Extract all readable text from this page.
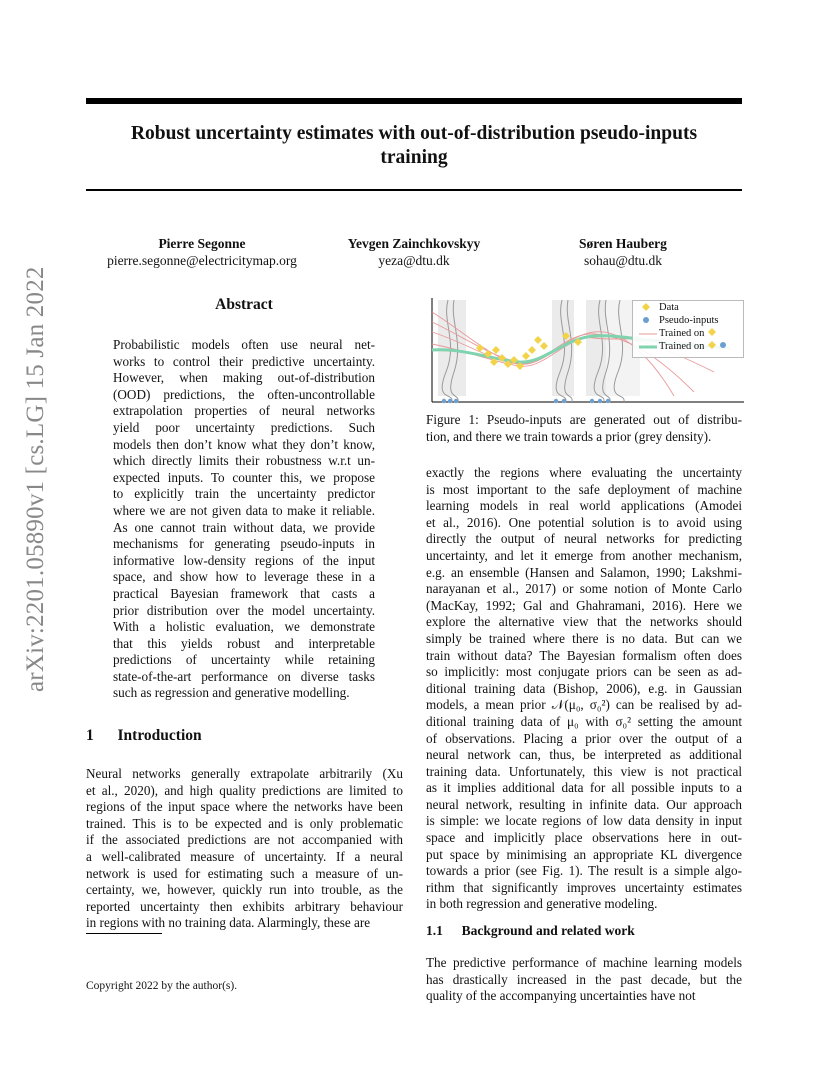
Robust uncertainty estimates with out-of-distribution pseudo-inputs
training
Pierre Segonne
pierre.segonne@electricitymap.org
Yevgen Zainchkovskyy
yeza@dtu.dk
Søren Hauberg
sohau@dtu.dk
arXiv:2201.05890v1 [cs.LG] 15 Jan 2022	Abstract
Probabilistic models often use neural net-
works to control their predictive uncertainty.
However, when making out-of-distribution
(OOD) predictions, the often-uncontrollable
extrapolation properties of neural networks
yield poor uncertainty predictions. Such
models then don’t know what they don’t know,
which directly limits their robustness w.r.t un-
expected inputs. To counter this, we propose
to explicitly train the uncertainty predictor
where we are not given data to make it reliable.
As one cannot train without data, we provide
mechanisms for generating pseudo-inputs in
informative low-density regions of the input
space, and show how to leverage these in a
practical Bayesian framework that casts a
prior distribution over the model uncertainty.
With a holistic evaluation, we demonstrate
that this yields robust and interpretable
predictions of uncertainty while retaining
state-of-the-art performance on diverse tasks
such as regression and generative modelling.
1 Introduction
Neural networks generally extrapolate arbitrarily (Xu
et al., 2020), and high quality predictions are limited to
regions of the input space where the networks have been
trained. This is to be expected and is only problematic
if the associated predictions are not accompanied with
a well-calibrated measure of uncertainty. If a neural
network is used for estimating such a measure of un-
certainty, we, however, quickly run into trouble, as the
reported uncertainty then exhibits arbitrary behaviour
in regions with no training data. Alarmingly, these are
Copyright 2022 by the author(s).
Data
Pseudo-inputs
Trained on
Trained on
Figure 1: Pseudo-inputs are generated out of distribu-
tion, and there we train towards a prior (grey density).
exactly the regions where evaluating the uncertainty
is most important to the safe deployment of machine
learning models in real world applications (Amodei
et al., 2016). One potential solution is to avoid using
directly the output of neural networks for predicting
uncertainty, and let it emerge from another mechanism,
e.g. an ensemble (Hansen and Salamon, 1990; Lakshmi-
narayanan et al., 2017) or some notion of Monte Carlo
(MacKay, 1992; Gal and Ghahramani, 2016). Here we
explore the alternative view that the networks should
simply be trained where there is no data. But can we
train without data? The Bayesian formalism often does
so implicitly: most conjugate priors can be seen as ad-
ditional training data (Bishop, 2006), e.g. in Gaussian
models, a mean prior 𝒩(μ₀, σ₀²) can be realised by ad-
ditional training data of μ₀ with σ₀² setting the amount
of observations. Placing a prior over the output of a
neural network can, thus, be interpreted as additional
training data. Unfortunately, this view is not practical
as it implies additional data for all possible inputs to a
neural network, resulting in infinite data. Our approach
is simple: we locate regions of low data density in input
space and implicitly place observations here in out-
put space by minimising an appropriate KL divergence
towards a prior (see Fig. 1). The result is a simple algo-
rithm that significantly improves uncertainty estimates
in both regression and generative modeling.
1.1 Background and related work
The predictive performance of machine learning models
has drastically increased in the past decade, but the
quality of the accompanying uncertainties have not
